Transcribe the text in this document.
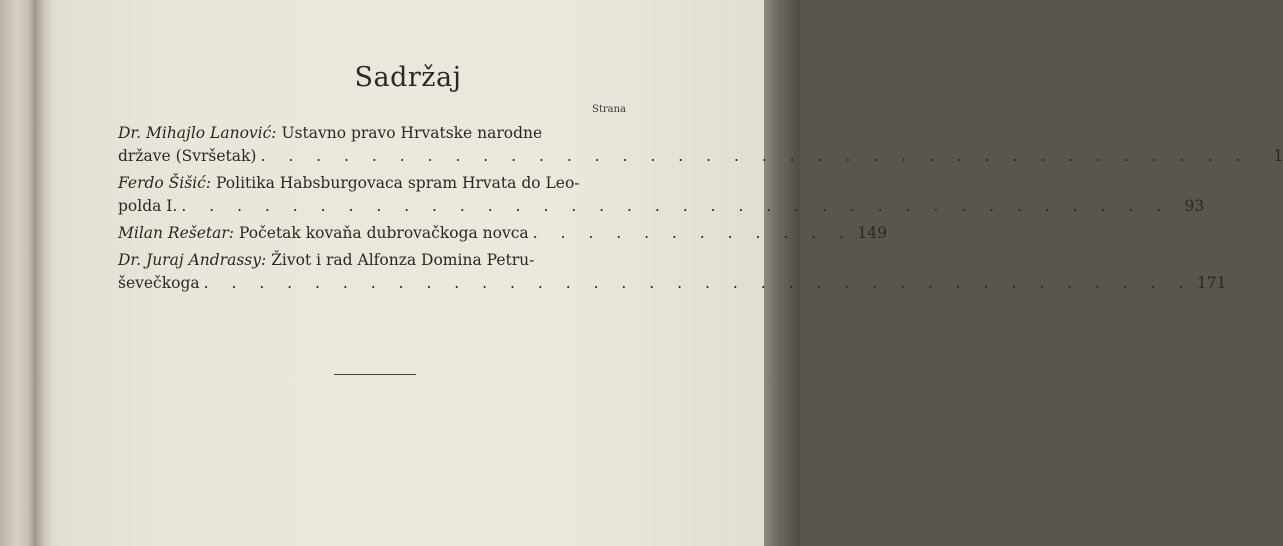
Sadržaj
Strana
Dr. Mihajlo Lanović: Ustavno pravo Hrvatske narodne
države (Svršetak) . . . . . . . . . . . . . . . . . . . . . . . . . . . . . . . . . . . .	1
Ferdo Šišić: Politika Habsburgovaca spram Hrvata do Leo-
polda I. . . . . . . . . . . . . . . . . . . . . . . . . . . . . . . . . . . . . 93
Milan Rešetar: Početak kovaňa dubrovačkoga novca . . . . . . . . . . . . 149
Dr. Juraj Andrassy: Život i rad Alfonza Domina Petru-
ševečkoga . . . . . . . . . . . . . . . . . . . . . . . . . . . . . . . . . . . . 171
